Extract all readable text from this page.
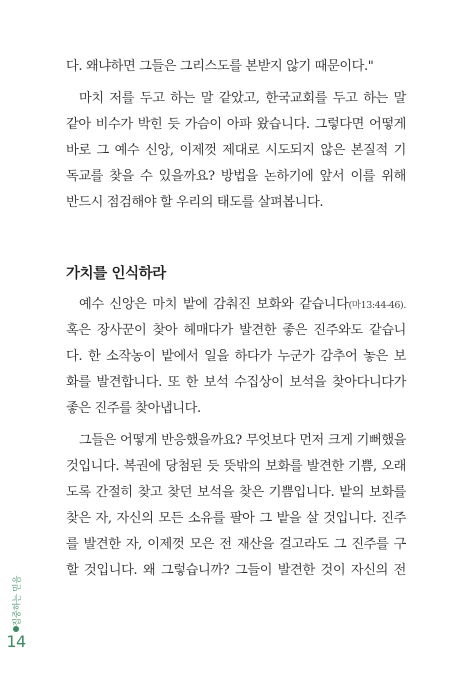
다. 왜냐하면 그들은 그리스도를 본받지 않기 때문이다."
마치 저를 두고 하는 말 같았고, 한국교회를 두고 하는 말
같아 비수가 박힌 듯 가슴이 아파 왔습니다. 그렇다면 어떻게
바로 그 예수 신앙, 이제껏 제대로 시도되지 않은 본질적 기
독교를 찾을 수 있을까요? 방법을 논하기에 앞서 이를 위해
반드시 점검해야 할 우리의 태도를 살펴봅니다.
가치를 인식하라
예수 신앙은 마치 밭에 감춰진 보화와 같습니다(마13:44-46).
혹은 장사꾼이 찾아 헤매다가 발견한 좋은 진주와도 같습니
다. 한 소작농이 밭에서 일을 하다가 누군가 감추어 놓은 보
화를 발견합니다. 또 한 보석 수집상이 보석을 찾아다니다가
좋은 진주를 찾아냅니다.
그들은 어떻게 반응했을까요? 무엇보다 먼저 크게 기뻐했을
것입니다. 복권에 당첨된 듯 뜻밖의 보화를 발견한 기쁨, 오래
도록 간절히 찾고 찾던 보석을 찾은 기쁨입니다. 밭의 보화를
찾은 자, 자신의 모든 소유를 팔아 그 밭을 살 것입니다. 진주
를 발견한 자, 이제껏 모은 전 재산을 걸고라도 그 진주를 구
할 것입니다. 왜 그렇습니까? 그들이 발견한 것이 자신의 전
집중하는 믿음
14
